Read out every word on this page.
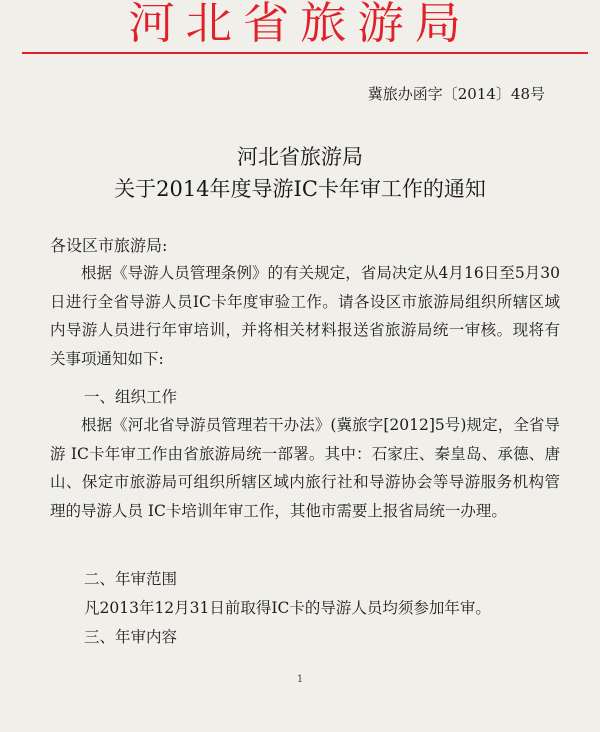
河北省旅游局
冀旅办函字〔2014〕48号
河北省旅游局
关于2014年度导游IC卡年审工作的通知
各设区市旅游局:
根据《导游人员管理条例》的有关规定，省局决定从4月16日至5月30日进行全省导游人员IC卡年度审验工作。请各设区市旅游局组织所辖区域内导游人员进行年审培训，并将相关材料报送省旅游局统一审核。现将有关事项通知如下:
一、组织工作
根据《河北省导游员管理若干办法》(冀旅字[2012]5号)规定，全省导游 IC卡年审工作由省旅游局统一部署。其中：石家庄、秦皇岛、承德、唐山、保定市旅游局可组织所辖区域内旅行社和导游协会等导游服务机构管理的导游人员 IC卡培训年审工作，其他市需要上报省局统一办理。
二、年审范围
凡2013年12月31日前取得IC卡的导游人员均须参加年审。
三、年审内容
1
